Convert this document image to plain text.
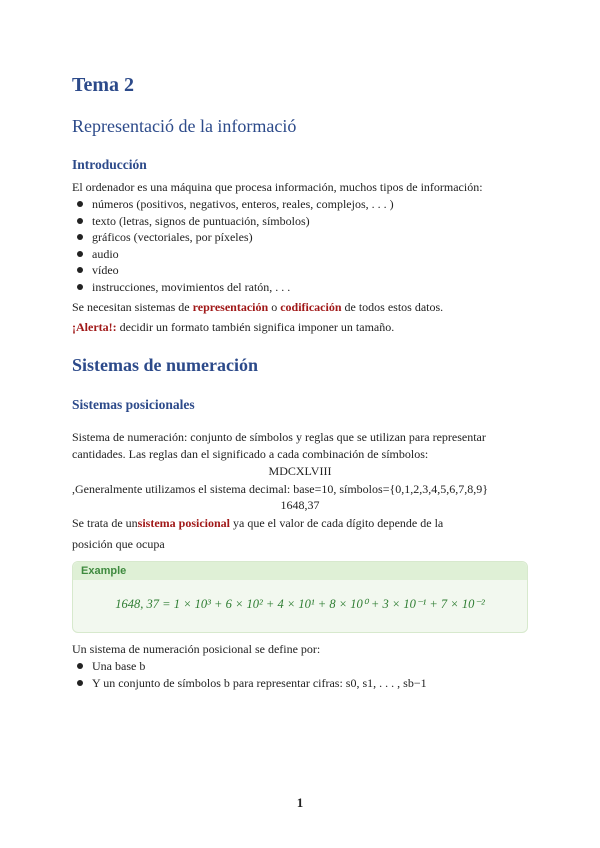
Tema 2
Representació de la informació
Introducción
El ordenador es una máquina que procesa información, muchos tipos de información:
números (positivos, negativos, enteros, reales, complejos, . . . )
texto (letras, signos de puntuación, símbolos)
gráficos (vectoriales, por píxeles)
audio
vídeo
instrucciones, movimientos del ratón, . . .
Se necesitan sistemas de representación o codificación de todos estos datos.
¡Alerta!: decidir un formato también significa imponer un tamaño.
Sistemas de numeración
Sistemas posicionales
Sistema de numeración: conjunto de símbolos y reglas que se utilizan para representar
cantidades. Las reglas dan el significado a cada combinación de símbolos:
MDCXLVIII
,Generalmente utilizamos el sistema decimal: base=10, símbolos={0,1,2,3,4,5,6,7,8,9}
1648,37
Se trata de unsistema posicional ya que el valor de cada dígito depende de la
posición que ocupa
Example
1648, 37 = 1 × 10³ + 6 × 10² + 4 × 10¹ + 8 × 10⁰ + 3 × 10⁻¹ + 7 × 10⁻²
Un sistema de numeración posicional se define por:
Una base b
Y un conjunto de símbolos b para representar cifras: s0, s1, . . . , sb−1
1
